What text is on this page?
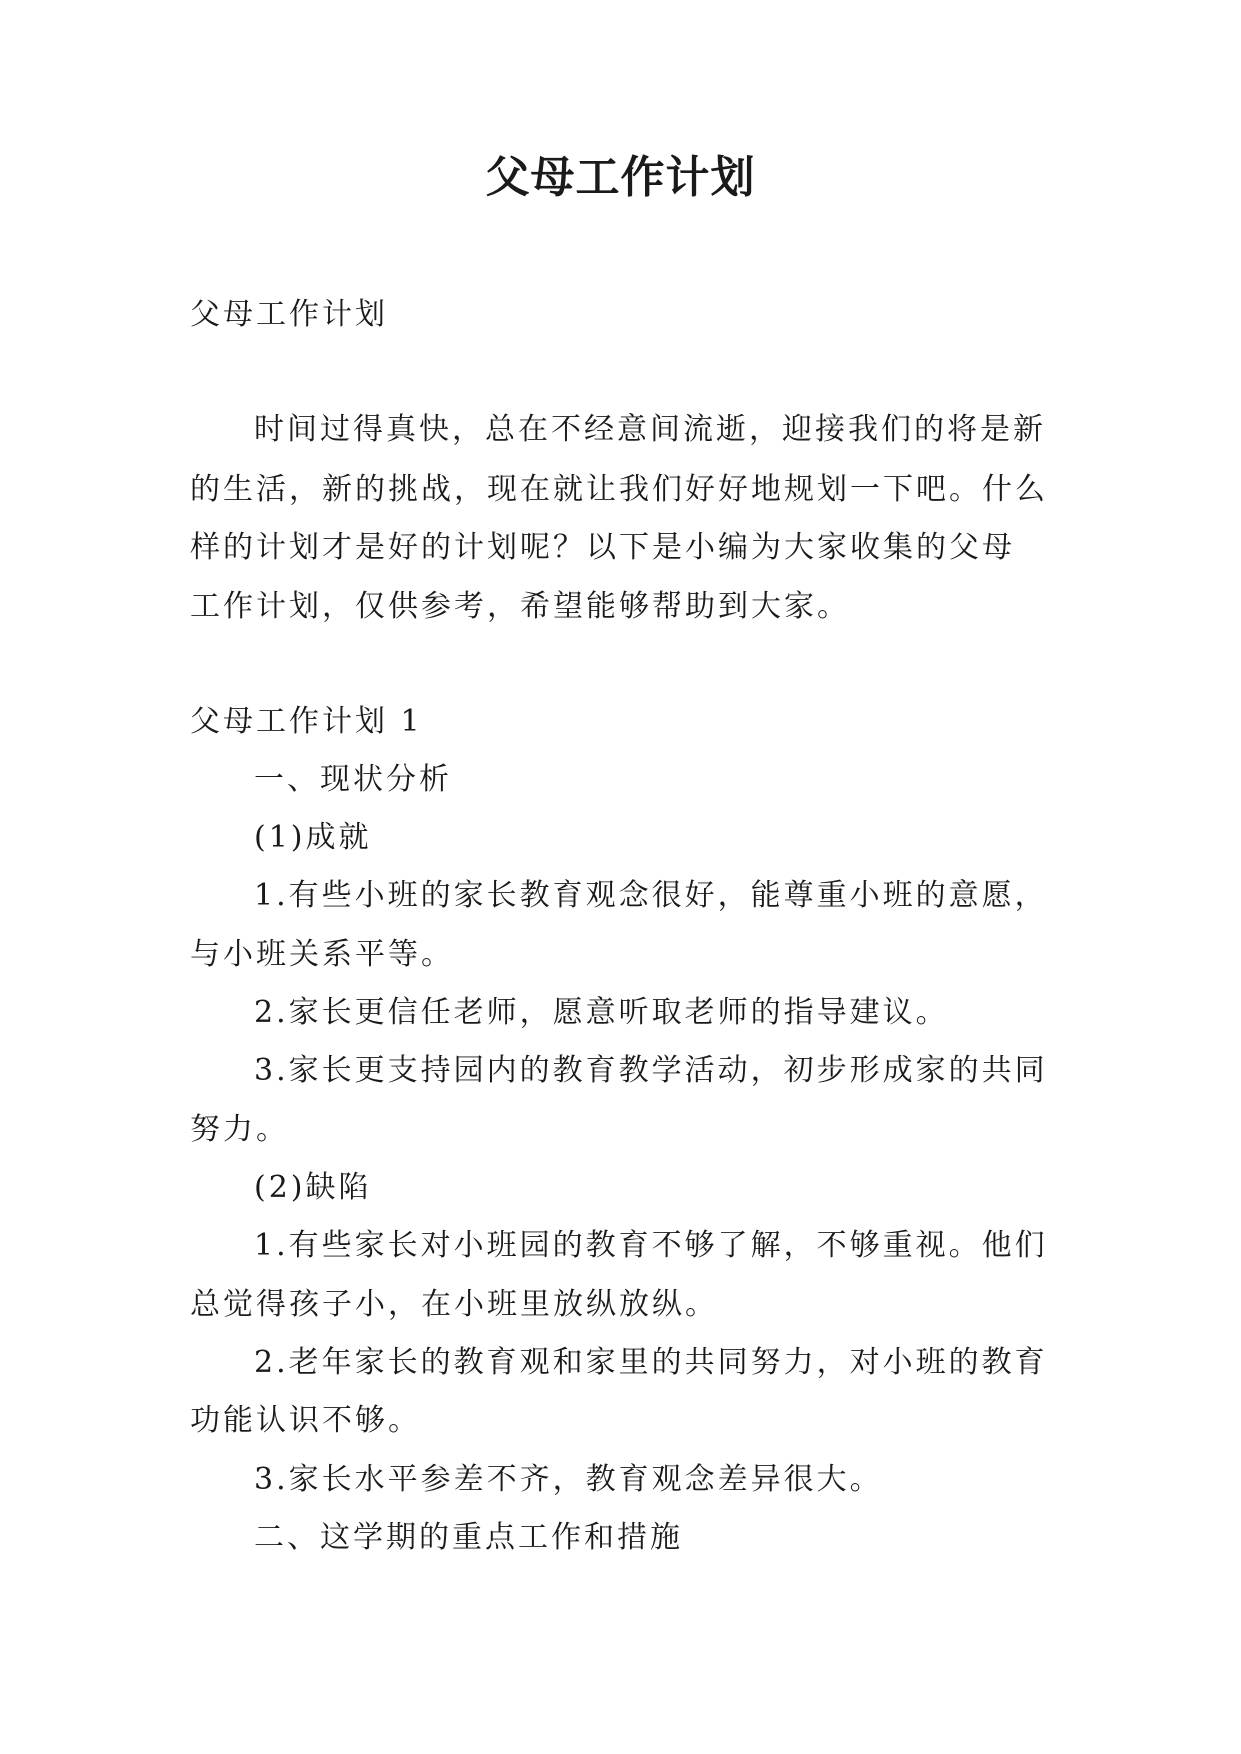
父母工作计划
父母工作计划
时间过得真快，总在不经意间流逝，迎接我们的将是新
的生活，新的挑战，现在就让我们好好地规划一下吧。什么
样的计划才是好的计划呢？以下是小编为大家收集的父母
工作计划，仅供参考，希望能够帮助到大家。
父母工作计划 1
一、现状分析
(1)成就
1.有些小班的家长教育观念很好，能尊重小班的意愿，
与小班关系平等。
2.家长更信任老师，愿意听取老师的指导建议。
3.家长更支持园内的教育教学活动，初步形成家的共同
努力。
(2)缺陷
1.有些家长对小班园的教育不够了解，不够重视。他们
总觉得孩子小，在小班里放纵放纵。
2.老年家长的教育观和家里的共同努力，对小班的教育
功能认识不够。
3.家长水平参差不齐，教育观念差异很大。
二、这学期的重点工作和措施
